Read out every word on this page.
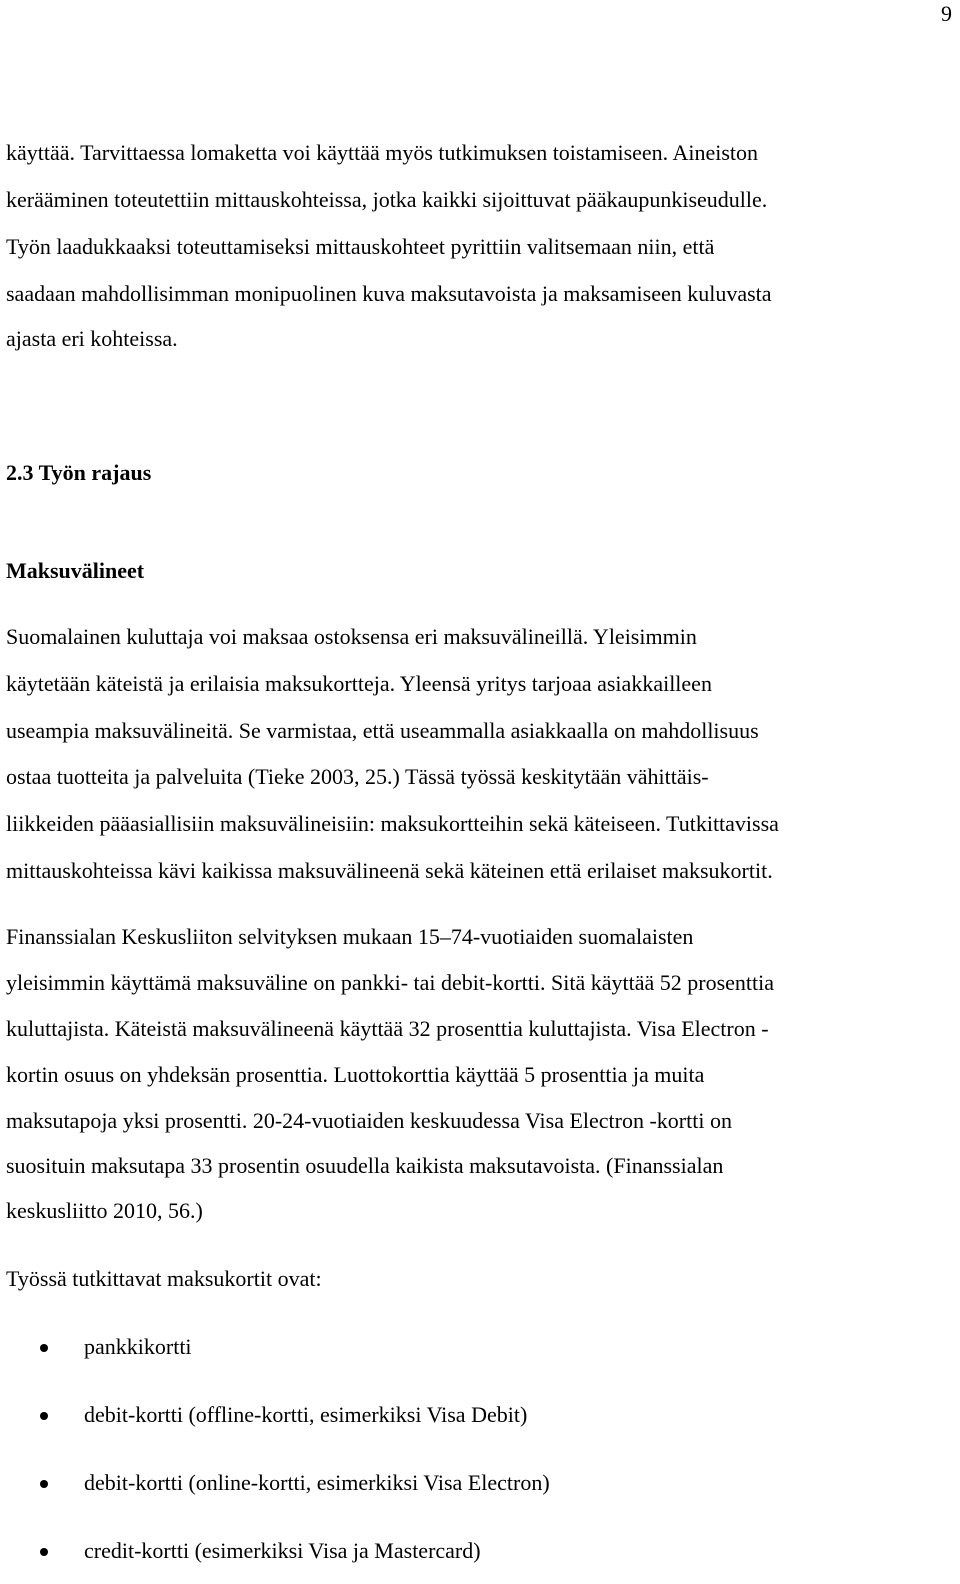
9
käyttää. Tarvittaessa lomaketta voi käyttää myös tutkimuksen toistamiseen. Aineiston
kerääminen toteutettiin mittauskohteissa, jotka kaikki sijoittuvat pääkaupunkiseudulle.
Työn laadukkaaksi toteuttamiseksi mittauskohteet pyrittiin valitsemaan niin, että
saadaan mahdollisimman monipuolinen kuva maksutavoista ja maksamiseen kuluvasta
ajasta eri kohteissa.
2.3 Työn rajaus
Maksuvälineet
Suomalainen kuluttaja voi maksaa ostoksensa eri maksuvälineillä. Yleisimmin
käytetään käteistä ja erilaisia maksukortteja. Yleensä yritys tarjoaa asiakkailleen
useampia maksuvälineitä. Se varmistaa, että useammalla asiakkaalla on mahdollisuus
ostaa tuotteita ja palveluita (Tieke 2003, 25.) Tässä työssä keskitytään vähittäis-
liikkeiden pääasiallisiin maksuvälineisiin: maksukortteihin sekä käteiseen. Tutkittavissa
mittauskohteissa kävi kaikissa maksuvälineenä sekä käteinen että erilaiset maksukortit.
Finanssialan Keskusliiton selvityksen mukaan 15–74-vuotiaiden suomalaisten
yleisimmin käyttämä maksuväline on pankki- tai debit-kortti. Sitä käyttää 52 prosenttia
kuluttajista. Käteistä maksuvälineenä käyttää 32 prosenttia kuluttajista. Visa Electron -
kortin osuus on yhdeksän prosenttia. Luottokorttia käyttää 5 prosenttia ja muita
maksutapoja yksi prosentti. 20-24-vuotiaiden keskuudessa Visa Electron -kortti on
suosituin maksutapa 33 prosentin osuudella kaikista maksutavoista. (Finanssialan
keskusliitto 2010, 56.)
Työssä tutkittavat maksukortit ovat:
pankkikortti
debit-kortti (offline-kortti, esimerkiksi Visa Debit)
debit-kortti (online-kortti, esimerkiksi Visa Electron)
credit-kortti (esimerkiksi Visa ja Mastercard)
